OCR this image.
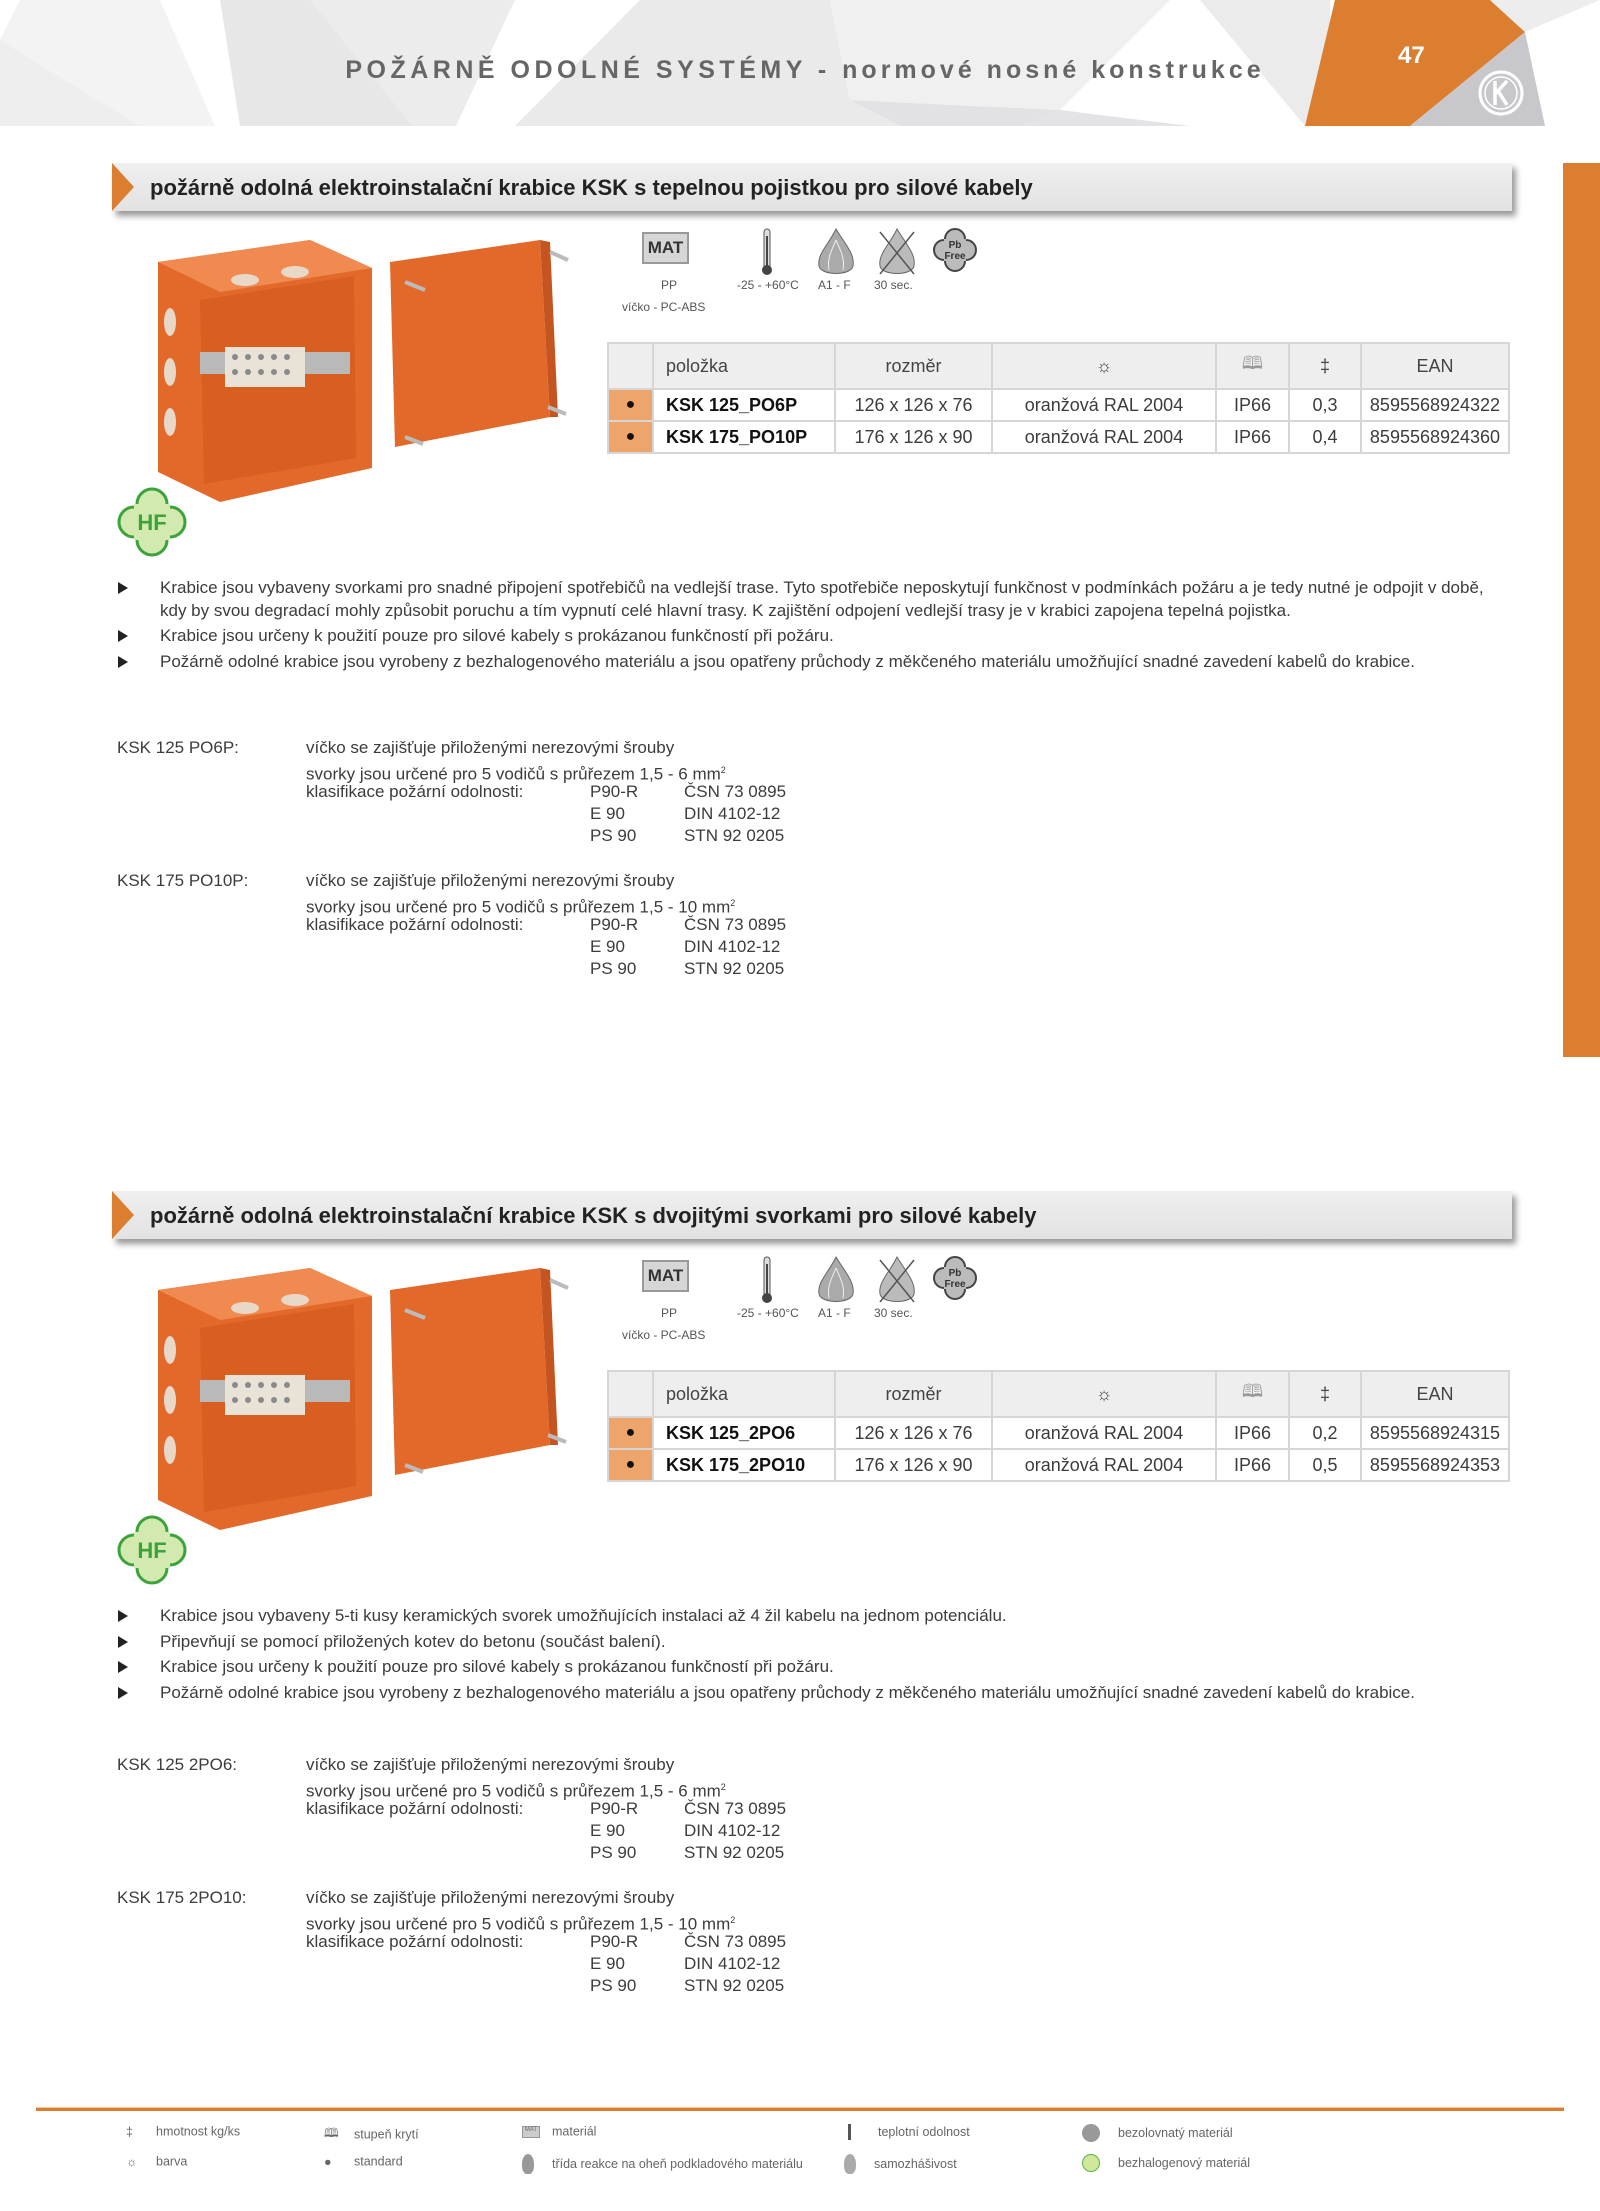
POŽÁRNĚ ODOLNÉ SYSTÉMY - normové nosné konstrukce
47
požárně odolná elektroinstalační krabice KSK s tepelnou pojistkou pro silové kabely
HF
MAT	Pb
Free
PP
víčko - PC-ABS
-25 - +60°C A1 - F 30 sec.
	položka	rozměr	☼	🕮	‡	EAN
●	KSK 125_PO6P	126 x 126 x 76	oranžová RAL 2004	IP66	0,3	8595568924322
●	KSK 175_PO10P	176 x 126 x 90	oranžová RAL 2004	IP66	0,4	8595568924360
Krabice jsou vybaveny svorkami pro snadné připojení spotřebičů na vedlejší trase. Tyto spotřebiče neposkytují funkčnost v podmínkách požáru a je tedy nutné je odpojit v době, kdy by svou degradací mohly způsobit poruchu a tím vypnutí celé hlavní trasy. K zajištění odpojení vedlejší trasy je v krabici zapojena tepelná pojistka.
Krabice jsou určeny k použití pouze pro silové kabely s prokázanou funkčností při požáru.
Požárně odolné krabice jsou vyrobeny z bezhalogenového materiálu a jsou opatřeny průchody z měkčeného materiálu umožňující snadné zavedení kabelů do krabice.
KSK 125 PO6P:	víčko se zajišťuje přiloženými nerezovými šrouby
svorky jsou určené pro 5 vodičů s průřezem 1,5 - 6 $mm^2$
klasifikace požární odolnosti:	P90-R	ČSN 73 0895
E 90	DIN 4102-12
PS 90	STN 92 0205
KSK 175 PO10P:	víčko se zajišťuje přiloženými nerezovými šrouby
svorky jsou určené pro 5 vodičů s průřezem 1,5 - 10 $mm^2$
klasifikace požární odolnosti:	P90-R	ČSN 73 0895
E 90	DIN 4102-12
PS 90	STN 92 0205
požárně odolná elektroinstalační krabice KSK s dvojitými svorkami pro silové kabely
HF
MAT	Pb
Free
PP
víčko - PC-ABS
-25 - +60°C A1 - F 30 sec.
	položka	rozměr	☼	🕮	‡	EAN
●	KSK 125_2PO6	126 x 126 x 76	oranžová RAL 2004	IP66	0,2	8595568924315
●	KSK 175_2PO10	176 x 126 x 90	oranžová RAL 2004	IP66	0,5	8595568924353
Krabice jsou vybaveny 5-ti kusy keramických svorek umožňujících instalaci až 4 žil kabelu na jednom potenciálu.
Připevňují se pomocí přiložených kotev do betonu (součást balení).
Krabice jsou určeny k použití pouze pro silové kabely s prokázanou funkčností při požáru.
Požárně odolné krabice jsou vyrobeny z bezhalogenového materiálu a jsou opatřeny průchody z měkčeného materiálu umožňující snadné zavedení kabelů do krabice.
KSK 125 2PO6:	víčko se zajišťuje přiloženými nerezovými šrouby
svorky jsou určené pro 5 vodičů s průřezem 1,5 - 6 $mm^2$
klasifikace požární odolnosti:	P90-R	ČSN 73 0895
E 90	DIN 4102-12
PS 90	STN 92 0205
KSK 175 2PO10:	víčko se zajišťuje přiloženými nerezovými šrouby
svorky jsou určené pro 5 vodičů s průřezem 1,5 - 10 $mm^2$
klasifikace požární odolnosti:	P90-R	ČSN 73 0895
E 90	DIN 4102-12
PS 90	STN 92 0205
‡ hmotnost kg/ks	🕮 stupeň krytí	MAT materiál	teplotní odolnost	bezolovnatý materiál
☼ barva	● standard	třída reakce na oheň podkladového materiálu	samozhášivost	bezhalogenový materiál
